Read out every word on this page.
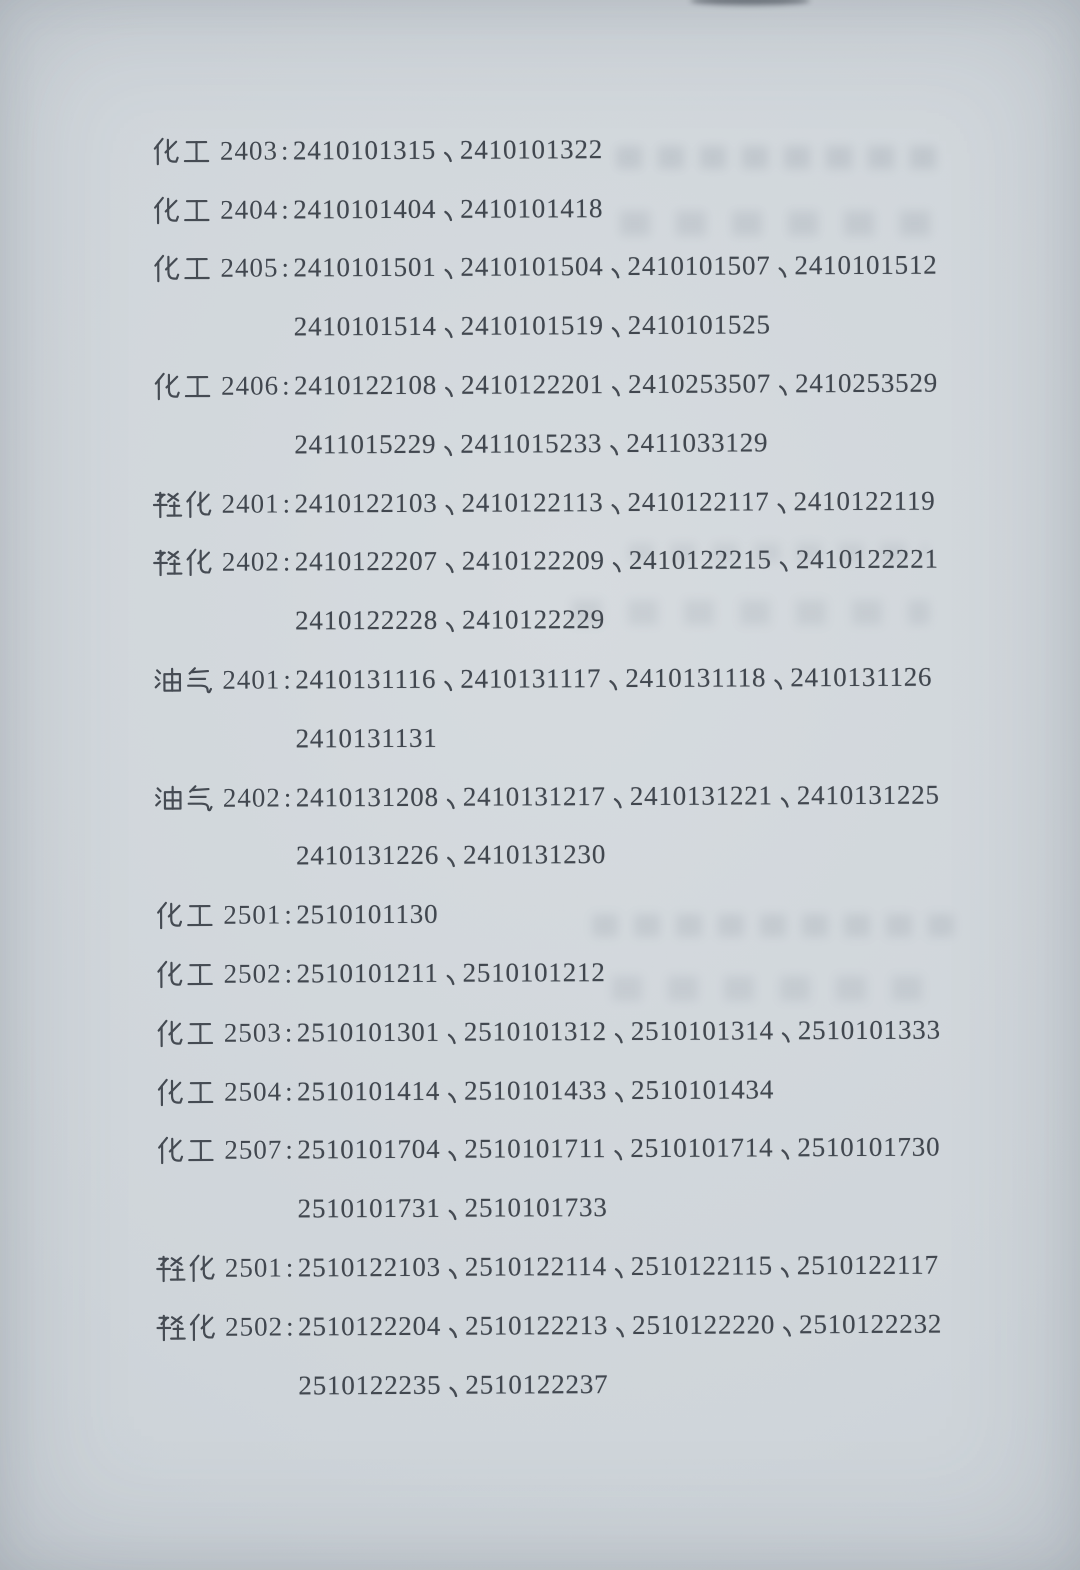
2403 : 2410101315 2410101322
2404 : 2410101404 2410101418
2405 : 2410101501 2410101504 2410101507 2410101512
2410101514 2410101519 2410101525
2406 : 2410122108 2410122201 2410253507 2410253529
2411015229 2411015233 2411033129
2401 : 2410122103 2410122113 2410122117 2410122119
2402 : 2410122207 2410122209 2410122215 2410122221
2410122228 2410122229
2401 : 2410131116 2410131117 2410131118 2410131126
2410131131
2402 : 2410131208 2410131217 2410131221 2410131225
2410131226 2410131230
2501 : 2510101130
2502 : 2510101211 2510101212
2503 : 2510101301 2510101312 2510101314 2510101333
2504 : 2510101414 2510101433 2510101434
2507 : 2510101704 2510101711 2510101714 2510101730
2510101731 2510101733
2501 : 2510122103 2510122114 2510122115 2510122117
2502 : 2510122204 2510122213 2510122220 2510122232
2510122235 2510122237
